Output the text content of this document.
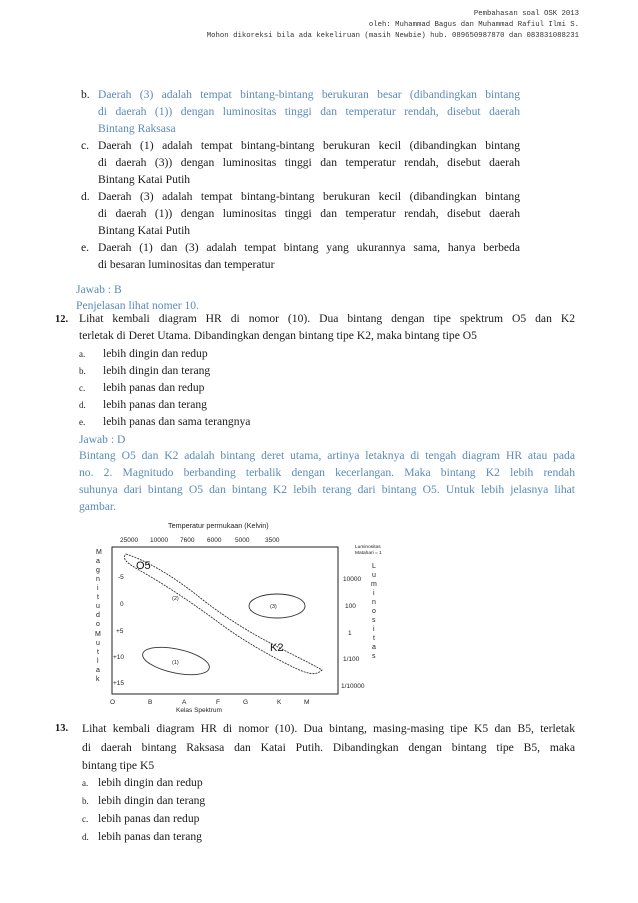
Pembahasan soal OSK 2013
oleh: Muhammad Bagus dan Muhammad Rafiul Ilmi S.
Mohon dikoreksi bila ada kekeliruan (masih Newbie) hub. 089650987870 dan 083831088231
b. Daerah (3) adalah tempat bintang-bintang berukuran besar (dibandingkan bintang
di daerah (1)) dengan luminositas tinggi dan temperatur rendah, disebut daerah
Bintang Raksasa
c. Daerah (1) adalah tempat bintang-bintang berukuran kecil (dibandingkan bintang
di daerah (3)) dengan luminositas tinggi dan temperatur rendah, disebut daerah
Bintang Katai Putih
d. Daerah (3) adalah tempat bintang-bintang berukuran kecil (dibandingkan bintang
di daerah (1)) dengan luminositas tinggi dan temperatur rendah, disebut daerah
Bintang Katai Putih
e. Daerah (1) dan (3) adalah tempat bintang yang ukurannya sama, hanya berbeda
di besaran luminositas dan temperatur
Jawab : B
Penjelasan lihat nomer 10.
12. Lihat kembali diagram HR di nomor (10). Dua bintang dengan tipe spektrum O5 dan K2
terletak di Deret Utama. Dibandingkan dengan bintang tipe K2, maka bintang tipe O5
a. lebih dingin dan redup
b. lebih dingin dan terang
c. lebih panas dan redup
d. lebih panas dan terang
e. lebih panas dan sama terangnya
Jawab : D
Bintang O5 dan K2 adalah bintang deret utama, artinya letaknya di tengah diagram HR atau pada
no. 2. Magnitudo berbanding terbalik dengan kecerlangan. Maka bintang K2 lebih rendah
suhunya dari bintang O5 dan bintang K2 lebih terang dari bintang O5. Untuk lebih jelasnya lihat
gambar.
Temperatur permukaan (Kelvin)
25000 10000 7600 6000 5000 3500
Luminositas
Matahari = 1
M
a
g
n
i
t
u
d
o
M
u
t
l
a
k
-5
0
+5
+10
+15
10000
100
1
1/100
1/10000
L
u
m
i
n
o
s
i
t
a
s
O	B	A	F	G	K	M
Kelas Spektrum
(1)
(2)
(3)
O5
K2
13. Lihat kembali diagram HR di nomor (10). Dua bintang, masing-masing tipe K5 dan B5, terletak
di daerah bintang Raksasa dan Katai Putih. Dibandingkan dengan bintang tipe B5, maka
bintang tipe K5
a. lebih dingin dan redup
b. lebih dingin dan terang
c. lebih panas dan redup
d. lebih panas dan terang
